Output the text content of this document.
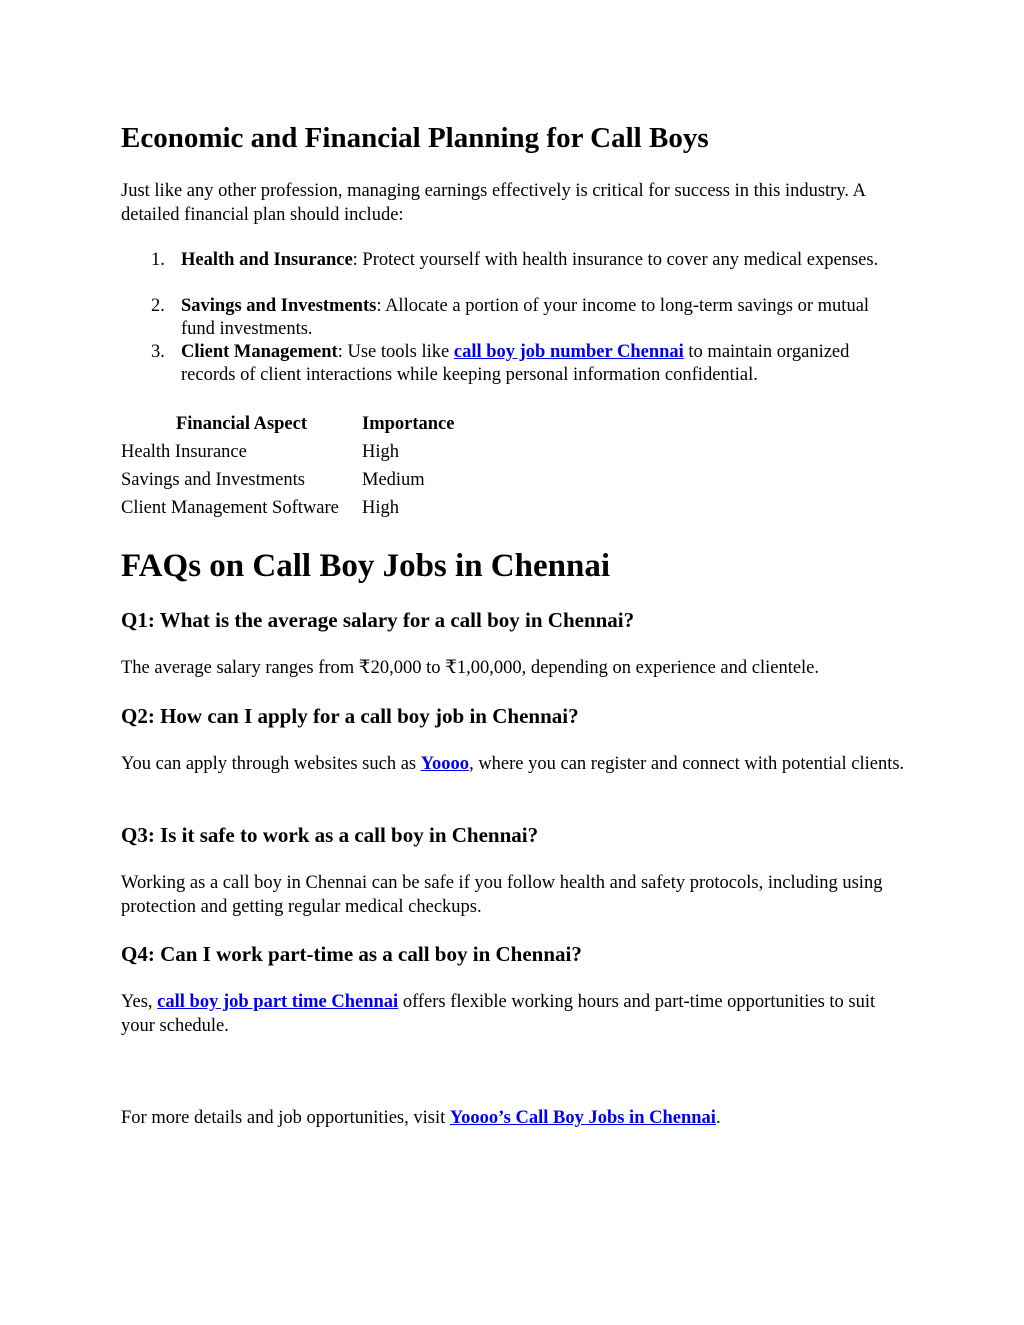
Economic and Financial Planning for Call Boys
Just like any other profession, managing earnings effectively is critical for success in this industry. A detailed financial plan should include:
1. Health and Insurance: Protect yourself with health insurance to cover any medical expenses.
2. Savings and Investments: Allocate a portion of your income to long-term savings or mutual fund investments.
3. Client Management: Use tools like call boy job number Chennai to maintain organized records of client interactions while keeping personal information confidential.
Financial Aspect	Importance
Health Insurance	High
Savings and Investments	Medium
Client Management Software	High
FAQs on Call Boy Jobs in Chennai
Q1: What is the average salary for a call boy in Chennai?
The average salary ranges from ₹20,000 to ₹1,00,000, depending on experience and clientele.
Q2: How can I apply for a call boy job in Chennai?
You can apply through websites such as Yoooo, where you can register and connect with potential clients.
Q3: Is it safe to work as a call boy in Chennai?
Working as a call boy in Chennai can be safe if you follow health and safety protocols, including using protection and getting regular medical checkups.
Q4: Can I work part-time as a call boy in Chennai?
Yes, call boy job part time Chennai offers flexible working hours and part-time opportunities to suit your schedule.
For more details and job opportunities, visit Yoooo’s Call Boy Jobs in Chennai.
